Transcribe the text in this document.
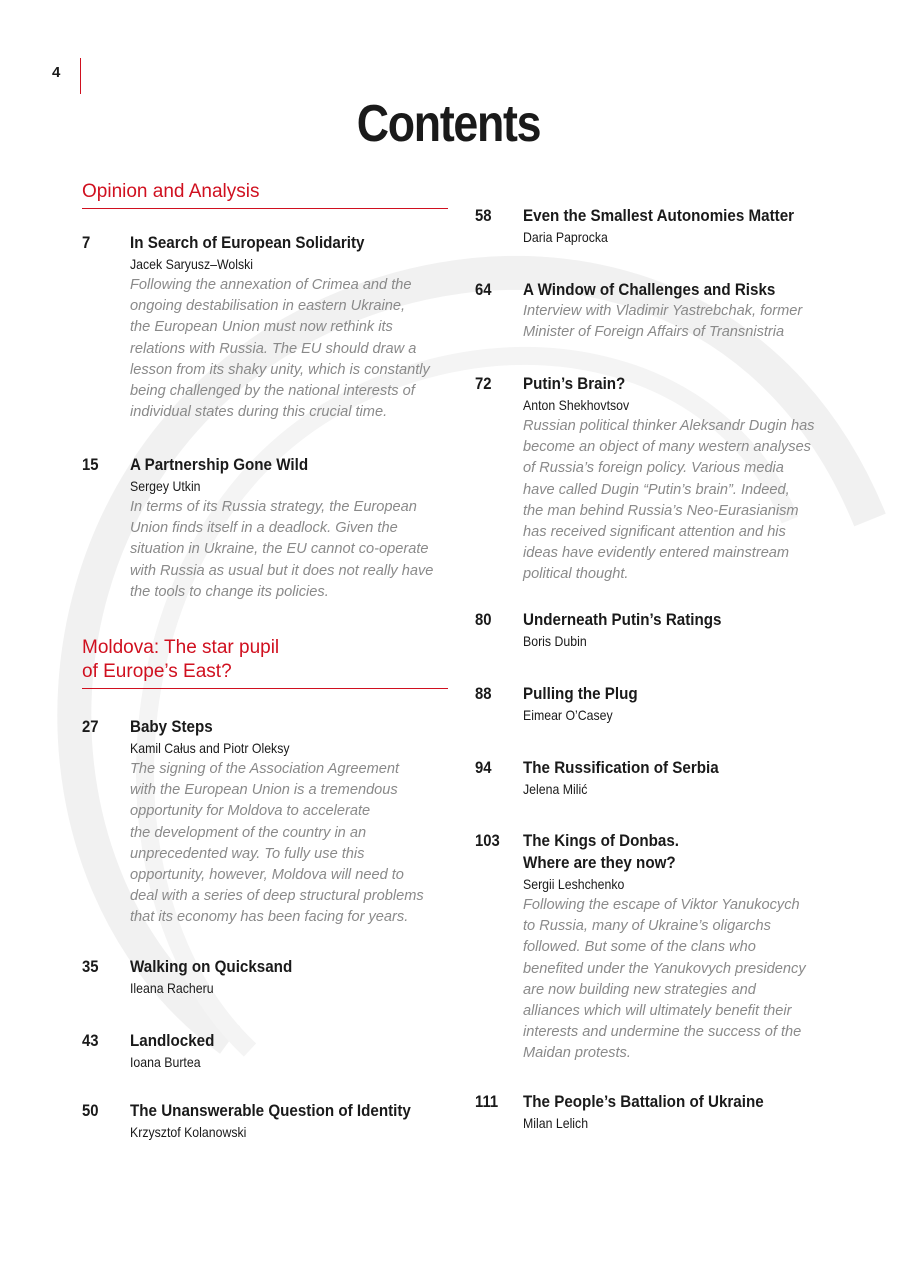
4
Contents
Opinion and Analysis
Moldova: The star pupil
of Europe’s East?
7 In Search of European Solidarity
Jacek Saryusz–Wolski
Following the annexation of Crimea and the
ongoing destabilisation in eastern Ukraine,
the European Union must now rethink its
relations with Russia. The EU should draw a
lesson from its shaky unity, which is constantly
being challenged by the national interests of
individual states during this crucial time.
15 A Partnership Gone Wild
Sergey Utkin
In terms of its Russia strategy, the European
Union finds itself in a deadlock. Given the
situation in Ukraine, the EU cannot co-operate
with Russia as usual but it does not really have
the tools to change its policies.
27 Baby Steps
Kamil Całus and Piotr Oleksy
The signing of the Association Agreement
with the European Union is a tremendous
opportunity for Moldova to accelerate
the development of the country in an
unprecedented way. To fully use this
opportunity, however, Moldova will need to
deal with a series of deep structural problems
that its economy has been facing for years.
35 Walking on Quicksand
Ileana Racheru
43 Landlocked
Ioana Burtea
50 The Unanswerable Question of Identity
Krzysztof Kolanowski
58 Even the Smallest Autonomies Matter
Daria Paprocka
64 A Window of Challenges and Risks
Interview with Vladimir Yastrebchak, former
Minister of Foreign Affairs of Transnistria
72 Putin’s Brain?
Anton Shekhovtsov
Russian political thinker Aleksandr Dugin has
become an object of many western analyses
of Russia’s foreign policy. Various media
have called Dugin “Putin’s brain”. Indeed,
the man behind Russia’s Neo-Eurasianism
has received significant attention and his
ideas have evidently entered mainstream
political thought.
80 Underneath Putin’s Ratings
Boris Dubin
88 Pulling the Plug
Eimear O’Casey
94 The Russification of Serbia
Jelena Milić
103 The Kings of Donbas.
Where are they now?
Sergii Leshchenko
Following the escape of Viktor Yanukocych
to Russia, many of Ukraine’s oligarchs
followed. But some of the clans who
benefited under the Yanukovych presidency
are now building new strategies and
alliances which will ultimately benefit their
interests and undermine the success of the
Maidan protests.
111 The People’s Battalion of Ukraine
Milan Lelich
